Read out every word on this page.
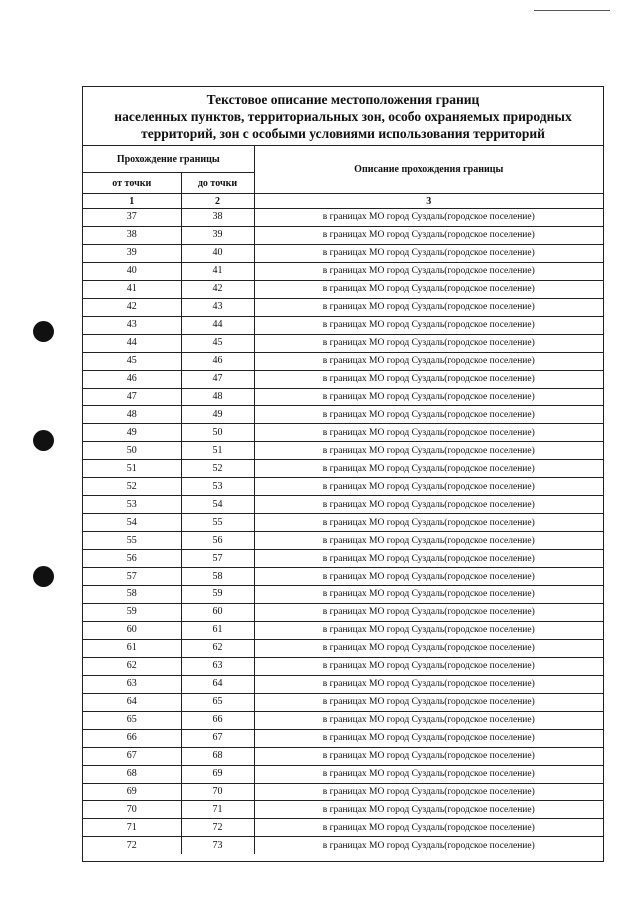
Текстовое описание местоположения границ
населенных пунктов, территориальных зон, особо охраняемых природных
территорий, зон с особыми условиями использования территорий
Прохождение границы		Описание прохождения границы
от точки	до точки	
1	2	3
37	38	в границах МО город Суздаль(городское поселение)
38	39	в границах МО город Суздаль(городское поселение)
39	40	в границах МО город Суздаль(городское поселение)
40	41	в границах МО город Суздаль(городское поселение)
41	42	в границах МО город Суздаль(городское поселение)
42	43	в границах МО город Суздаль(городское поселение)
43	44	в границах МО город Суздаль(городское поселение)
44	45	в границах МО город Суздаль(городское поселение)
45	46	в границах МО город Суздаль(городское поселение)
46	47	в границах МО город Суздаль(городское поселение)
47	48	в границах МО город Суздаль(городское поселение)
48	49	в границах МО город Суздаль(городское поселение)
49	50	в границах МО город Суздаль(городское поселение)
50	51	в границах МО город Суздаль(городское поселение)
51	52	в границах МО город Суздаль(городское поселение)
52	53	в границах МО город Суздаль(городское поселение)
53	54	в границах МО город Суздаль(городское поселение)
54	55	в границах МО город Суздаль(городское поселение)
55	56	в границах МО город Суздаль(городское поселение)
56	57	в границах МО город Суздаль(городское поселение)
57	58	в границах МО город Суздаль(городское поселение)
58	59	в границах МО город Суздаль(городское поселение)
59	60	в границах МО город Суздаль(городское поселение)
60	61	в границах МО город Суздаль(городское поселение)
61	62	в границах МО город Суздаль(городское поселение)
62	63	в границах МО город Суздаль(городское поселение)
63	64	в границах МО город Суздаль(городское поселение)
64	65	в границах МО город Суздаль(городское поселение)
65	66	в границах МО город Суздаль(городское поселение)
66	67	в границах МО город Суздаль(городское поселение)
67	68	в границах МО город Суздаль(городское поселение)
68	69	в границах МО город Суздаль(городское поселение)
69	70	в границах МО город Суздаль(городское поселение)
70	71	в границах МО город Суздаль(городское поселение)
71	72	в границах МО город Суздаль(городское поселение)
72	73	в границах МО город Суздаль(городское поселение)
